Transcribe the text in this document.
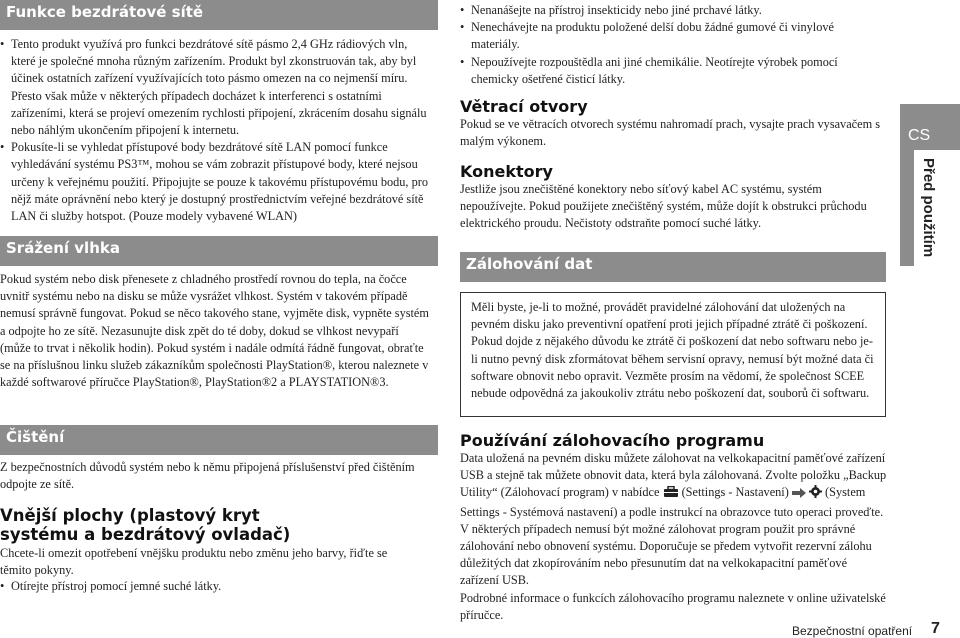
Funkce bezdrátové sítě
• Tento produkt využívá pro funkci bezdrátové sítě pásmo 2,4 GHz rádiových vln, které je společné mnoha různým zařízením. Produkt byl zkonstruován tak, aby byl účinek ostatních zařízení využívajících toto pásmo omezen na co nejmenší míru. Přesto však může v některých případech docházet k interferenci s ostatními zařízeními, která se projeví omezením rychlosti připojení, zkrácením dosahu signálu nebo náhlým ukončením připojení k internetu.
• Pokusíte-li se vyhledat přístupové body bezdrátové sítě LAN pomocí funkce vyhledávání systému PS3™, mohou se vám zobrazit přístupové body, které nejsou určeny k veřejnému použití. Připojujte se pouze k takovému přístupovému bodu, pro nějž máte oprávnění nebo který je dostupný prostřednictvím veřejné bezdrátové sítě LAN či služby hotspot. (Pouze modely vybavené WLAN)
Srážení vlhka
Pokud systém nebo disk přenesete z chladného prostředí rovnou do tepla, na čočce uvnitř systému nebo na disku se může vysrážet vlhkost. Systém v takovém případě nemusí správně fungovat. Pokud se něco takového stane, vyjměte disk, vypněte systém a odpojte ho ze sítě. Nezasunujte disk zpět do té doby, dokud se vlhkost nevypaří (může to trvat i několik hodin). Pokud systém i nadále odmítá řádně fungovat, obraťte se na příslušnou linku služeb zákazníkům společnosti PlayStation®, kterou naleznete v každé softwarové příručce PlayStation®, PlayStation®2 a PLAYSTATION®3.
Čištění
Z bezpečnostních důvodů systém nebo k němu připojená příslušenství před čištěním odpojte ze sítě.
Vnější plochy (plastový kryt systému a bezdrátový ovladač)
Chcete-li omezit opotřebení vnějšku produktu nebo změnu jeho barvy, řiďte se těmito pokyny.
• Otírejte přístroj pomocí jemné suché látky.
• Nenanášejte na přístroj insekticidy nebo jiné prchavé látky.
• Nenechávejte na produktu položené delší dobu žádné gumové či vinylové materiály.
• Nepoužívejte rozpouštědla ani jiné chemikálie. Neotírejte výrobek pomocí chemicky ošetřené čisticí látky.
Větrací otvory
Pokud se ve větracích otvorech systému nahromadí prach, vysajte prach vysavačem s malým výkonem.
Konektory
Jestliže jsou znečištěné konektory nebo síťový kabel AC systému, systém nepoužívejte. Pokud použijete znečištěný systém, může dojít k obstrukci průchodu elektrického proudu. Nečistoty odstraňte pomocí suché látky.
Zálohování dat
Měli byste, je-li to možné, provádět pravidelné zálohování dat uložených na pevném disku jako preventivní opatření proti jejich případné ztrátě či poškození. Pokud dojde z nějakého důvodu ke ztrátě či poškození dat nebo softwaru nebo je-li nutno pevný disk zformátovat během servisní opravy, nemusí být možné data či software obnovit nebo opravit. Vezměte prosím na vědomí, že společnost SCEE nebude odpovědná za jakoukoliv ztrátu nebo poškození dat, souborů či softwaru.
Používání zálohovacího programu
Data uložená na pevném disku můžete zálohovat na velkokapacitní paměťové zařízení USB a stejně tak můžete obnovit data, která byla zálohovaná. Zvolte položku „Backup Utility“ (Zálohovací program) v nabídce (Settings - Nastavení)	(System Settings - Systémová nastavení) a podle instrukcí na obrazovce tuto operaci proveďte. V některých případech nemusí být možné zálohovat program použit pro správné zálohování nebo obnovení systému. Doporučuje se předem vytvořit rezervní zálohu důležitých dat zkopírováním nebo přesunutím dat na velkokapacitní paměťové zařízení USB.
Podrobné informace o funkcích zálohovacího programu naleznete v online uživatelské příručce.
CS
Před použitím
Bezpečnostní opatření 7
